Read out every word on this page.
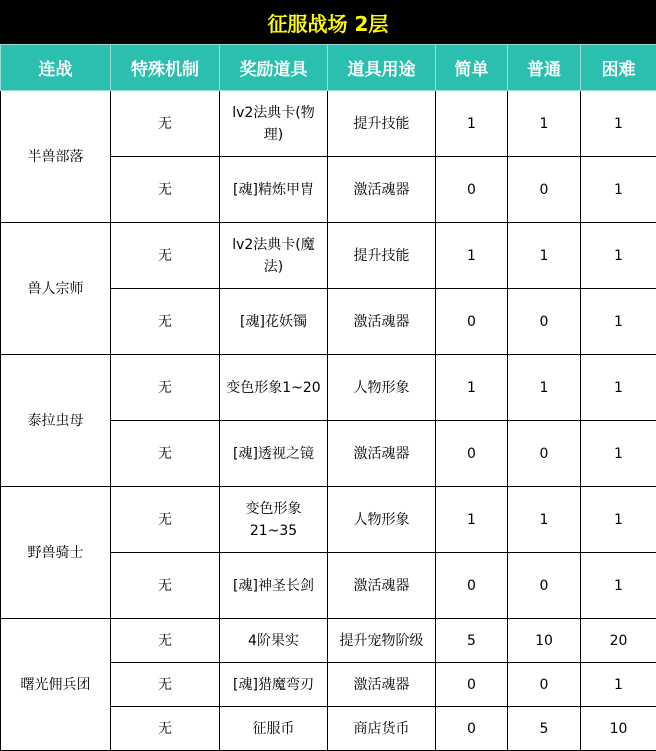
征服战场 2层
连战	特殊机制	奖励道具	道具用途	简单	普通	困难
半兽部落	无	lv2法典卡(物理)	提升技能	1	1	1
	无	[魂]精炼甲胄	激活魂器	0	0	1
兽人宗师	无	lv2法典卡(魔法)	提升技能	1	1	1
	无	[魂]花妖镯	激活魂器	0	0	1
泰拉虫母	无	变色形象1~20	人物形象	1	1	1
	无	[魂]透视之镜	激活魂器	0	0	1
野兽骑士	无	变色形象21~35	人物形象	1	1	1
	无	[魂]神圣长剑	激活魂器	0	0	1
曙光佣兵团	无	4阶果实	提升宠物阶级	5	10	20
	无	[魂]猎魔弯刃	激活魂器	0	0	1
	无	征服币	商店货币	0	5	10
